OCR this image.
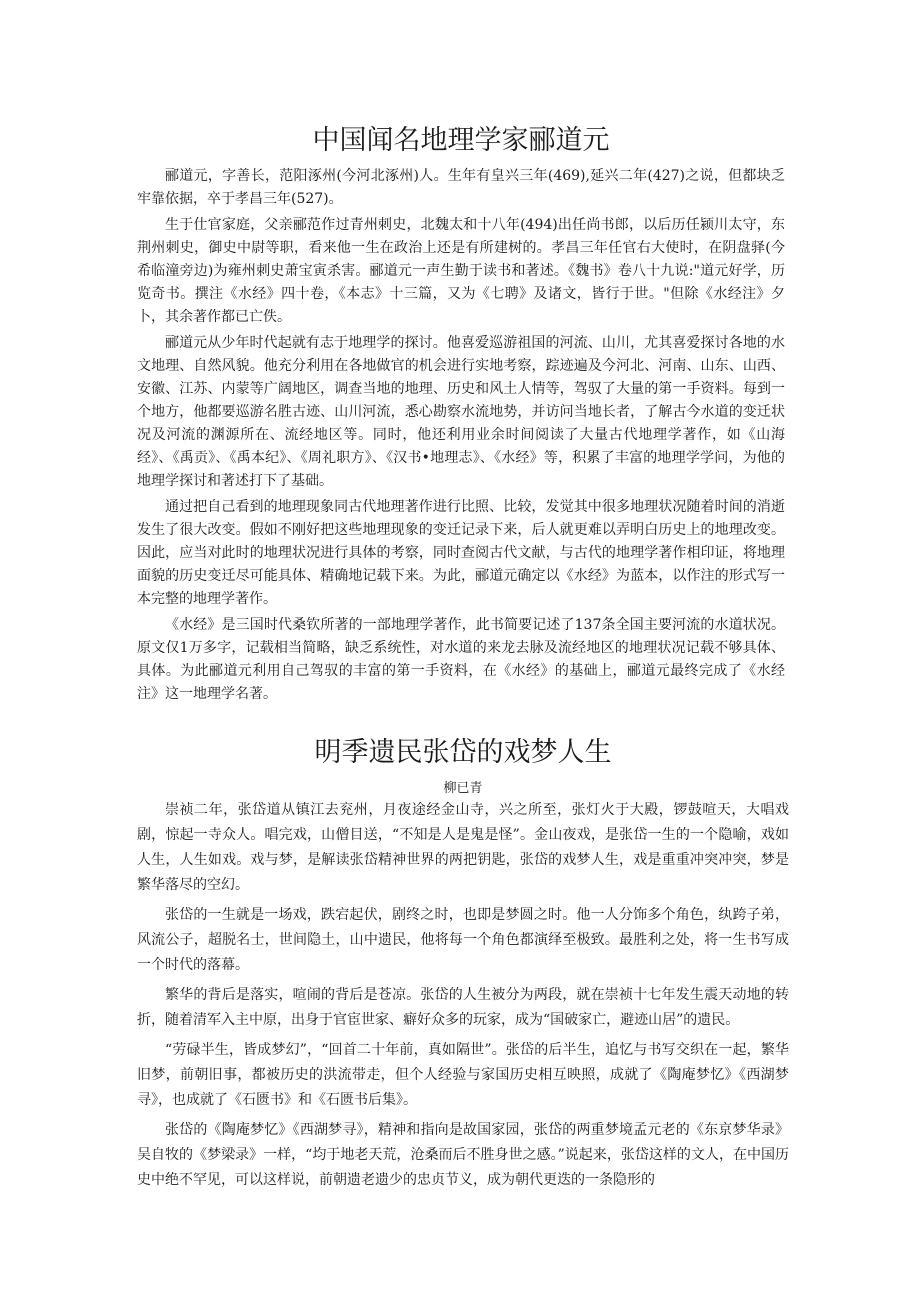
中国闻名地理学家郦道元

郦道元，字善长，范阳涿州(今河北涿州)人。生年有皇兴三年(469),延兴二年(427)之说，但都块乏牢靠依据，卒于孝昌三年(527)。

生于仕官家庭，父亲郦范作过青州刺史，北魏太和十八年(494)出任尚书郎，以后历任颍川太守，东荆州刺史，御史中尉等职，看来他一生在政治上还是有所建树的。孝昌三年任官右大使时，在阴盘驿(今希临潼旁边)为雍州刺史萧宝寅杀害。郦道元一声生勤于读书和著述。《魏书》卷八十九说:"道元好学，历览奇书。撰注《水经》四十卷，《本志》十三篇，又为《七聘》及诸文，皆行于世。"但除《水经注》夕卜，其余著作都已亡佚。

郦道元从少年时代起就有志于地理学的探讨。他喜爱巡游祖国的河流、山川，尤其喜爱探讨各地的水文地理、自然风貌。他充分利用在各地做官的机会进行实地考察，踪迹遍及今河北、河南、山东、山西、安徽、江苏、内蒙等广阔地区，调查当地的地理、历史和风土人情等，驾驭了大量的第一手资料。每到一个地方，他都要巡游名胜古迹、山川河流，悉心勘察水流地势，并访问当地长者，了解古今水道的变迁状况及河流的渊源所在、流经地区等。同时，他还利用业余时间阅读了大量古代地理学著作，如《山海经》、《禹贡》、《禹本纪》、《周礼职方》、《汉书•地理志》、《水经》等，积累了丰富的地理学学问，为他的地理学探讨和著述打下了基础。

通过把自己看到的地理现象同古代地理著作进行比照、比较，发觉其中很多地理状况随着时间的消逝发生了很大改变。假如不刚好把这些地理现象的变迁记录下来，后人就更难以弄明白历史上的地理改变。因此，应当对此时的地理状况进行具体的考察，同时查阅古代文献，与古代的地理学著作相印证，将地理面貌的历史变迁尽可能具体、精确地记载下来。为此，郦道元确定以《水经》为蓝本，以作注的形式写一本完整的地理学著作。

《水经》是三国时代桑钦所著的一部地理学著作，此书简要记述了137条全国主要河流的水道状况。原文仅1万多字，记载相当简略，缺乏系统性，对水道的来龙去脉及流经地区的地理状况记载不够具体、具体。为此郦道元利用自己驾驭的丰富的第一手资料，在《水经》的基础上，郦道元最终完成了《水经注》这一地理学名著。

明季遗民张岱的戏梦人生
柳已青

崇祯二年，张岱道从镇江去兖州，月夜途经金山寺，兴之所至，张灯火于大殿，锣鼓喧天，大唱戏剧，惊起一寺众人。唱完戏，山僧目送，“不知是人是鬼是怪”。金山夜戏，是张岱一生的一个隐喻，戏如人生，人生如戏。戏与梦，是解读张岱精神世界的两把钥匙，张岱的戏梦人生，戏是重重冲突冲突，梦是繁华落尽的空幻。

张岱的一生就是一场戏，跌宕起伏，剧终之时，也即是梦圆之时。他一人分饰多个角色，纨跨子弟，风流公子，超脱名士，世间隐土，山中遗民，他将每一个角色都演绎至极致。最胜利之处，将一生书写成一个时代的落幕。

繁华的背后是落实，喧闹的背后是苍凉。张岱的人生被分为两段，就在崇祯十七年发生震天动地的转折，随着清军入主中原，出身于官宦世家、癖好众多的玩家，成为“国破家亡，避迹山居”的遗民。

“劳碌半生，皆成梦幻”，“回首二十年前，真如隔世”。张岱的后半生，追忆与书写交织在一起，繁华旧梦，前朝旧事，都被历史的洪流带走，但个人经验与家国历史相互映照，成就了《陶庵梦忆》《西湖梦寻》，也成就了《石匮书》和《石匮书后集》。

张岱的《陶庵梦忆》《西湖梦寻》，精神和指向是故国家园，张岱的两重梦境孟元老的《东京梦华录》吴自牧的《梦梁录》一样，“均于地老天荒，沧桑而后不胜身世之感。”说起来，张岱这样的文人，在中国历史中绝不罕见，可以这样说，前朝遗老遗少的忠贞节义，成为朝代更迭的一条隐形的
